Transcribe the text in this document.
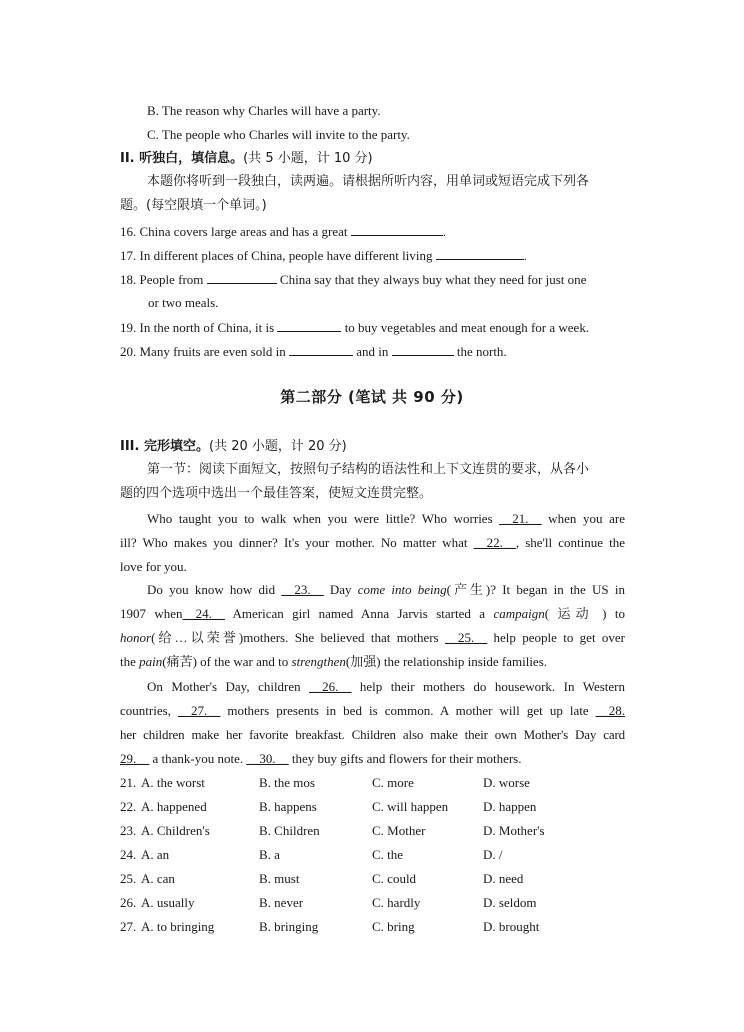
B. The reason why Charles will have a party.
C. The people who Charles will invite to the party.
II. 听独白，填信息。(共 5 小题，计 10 分)
本题你将听到一段独白，读两遍。请根据所听内容，用单词或短语完成下列各
题。(每空限填一个单词。)
16. China covers large areas and has a great	.
17. In different places of China, people have different living	.
18. People from	China say that they always buy what they need for just one
or two meals.
19. In the north of China, it is	to buy vegetables and meat enough for a week.
20. Many fruits are even sold in	and in	the north.
第二部分 (笔试 共 90 分)
III. 完形填空。(共 20 小题，计 20 分)
第一节：阅读下面短文，按照句子结构的语法性和上下文连贯的要求，从各小
题的四个选项中选出一个最佳答案，使短文连贯完整。
Who taught you to walk when you were little? Who worries __21.__ when you are
ill? Who makes you dinner? It's your mother. No matter what __22.__, she'll continue the
love for you.
Do you know how did __23.__ Day come into being(产生)? It began in the US in
1907 when__24.__ American girl named Anna Jarvis started a campaign( 运动 ) to
honor(给…以荣誉)mothers. She believed that mothers __25.__ help people to get over
the pain(痛苦) of the war and to strengthen(加强) the relationship inside families.
On Mother's Day, children __26.__ help their mothers do housework. In Western
countries, __27.__ mothers presents in bed is common. A mother will get up late __28.
her children make her favorite breakfast. Children also make their own Mother's Day card
29.__ a thank-you note. __30.__ they buy gifts and flowers for their mothers.
21. A. the worst	B. the mos	C. more	D. worse
22. A. happened	B. happens	C. will happen	D. happen
23. A. Children's	B. Children	C. Mother	D. Mother's
24. A. an	B. a	C. the	D. /
25. A. can	B. must	C. could	D. need
26. A. usually	B. never	C. hardly	D. seldom
27. A. to bringing	B. bringing	C. bring	D. brought
